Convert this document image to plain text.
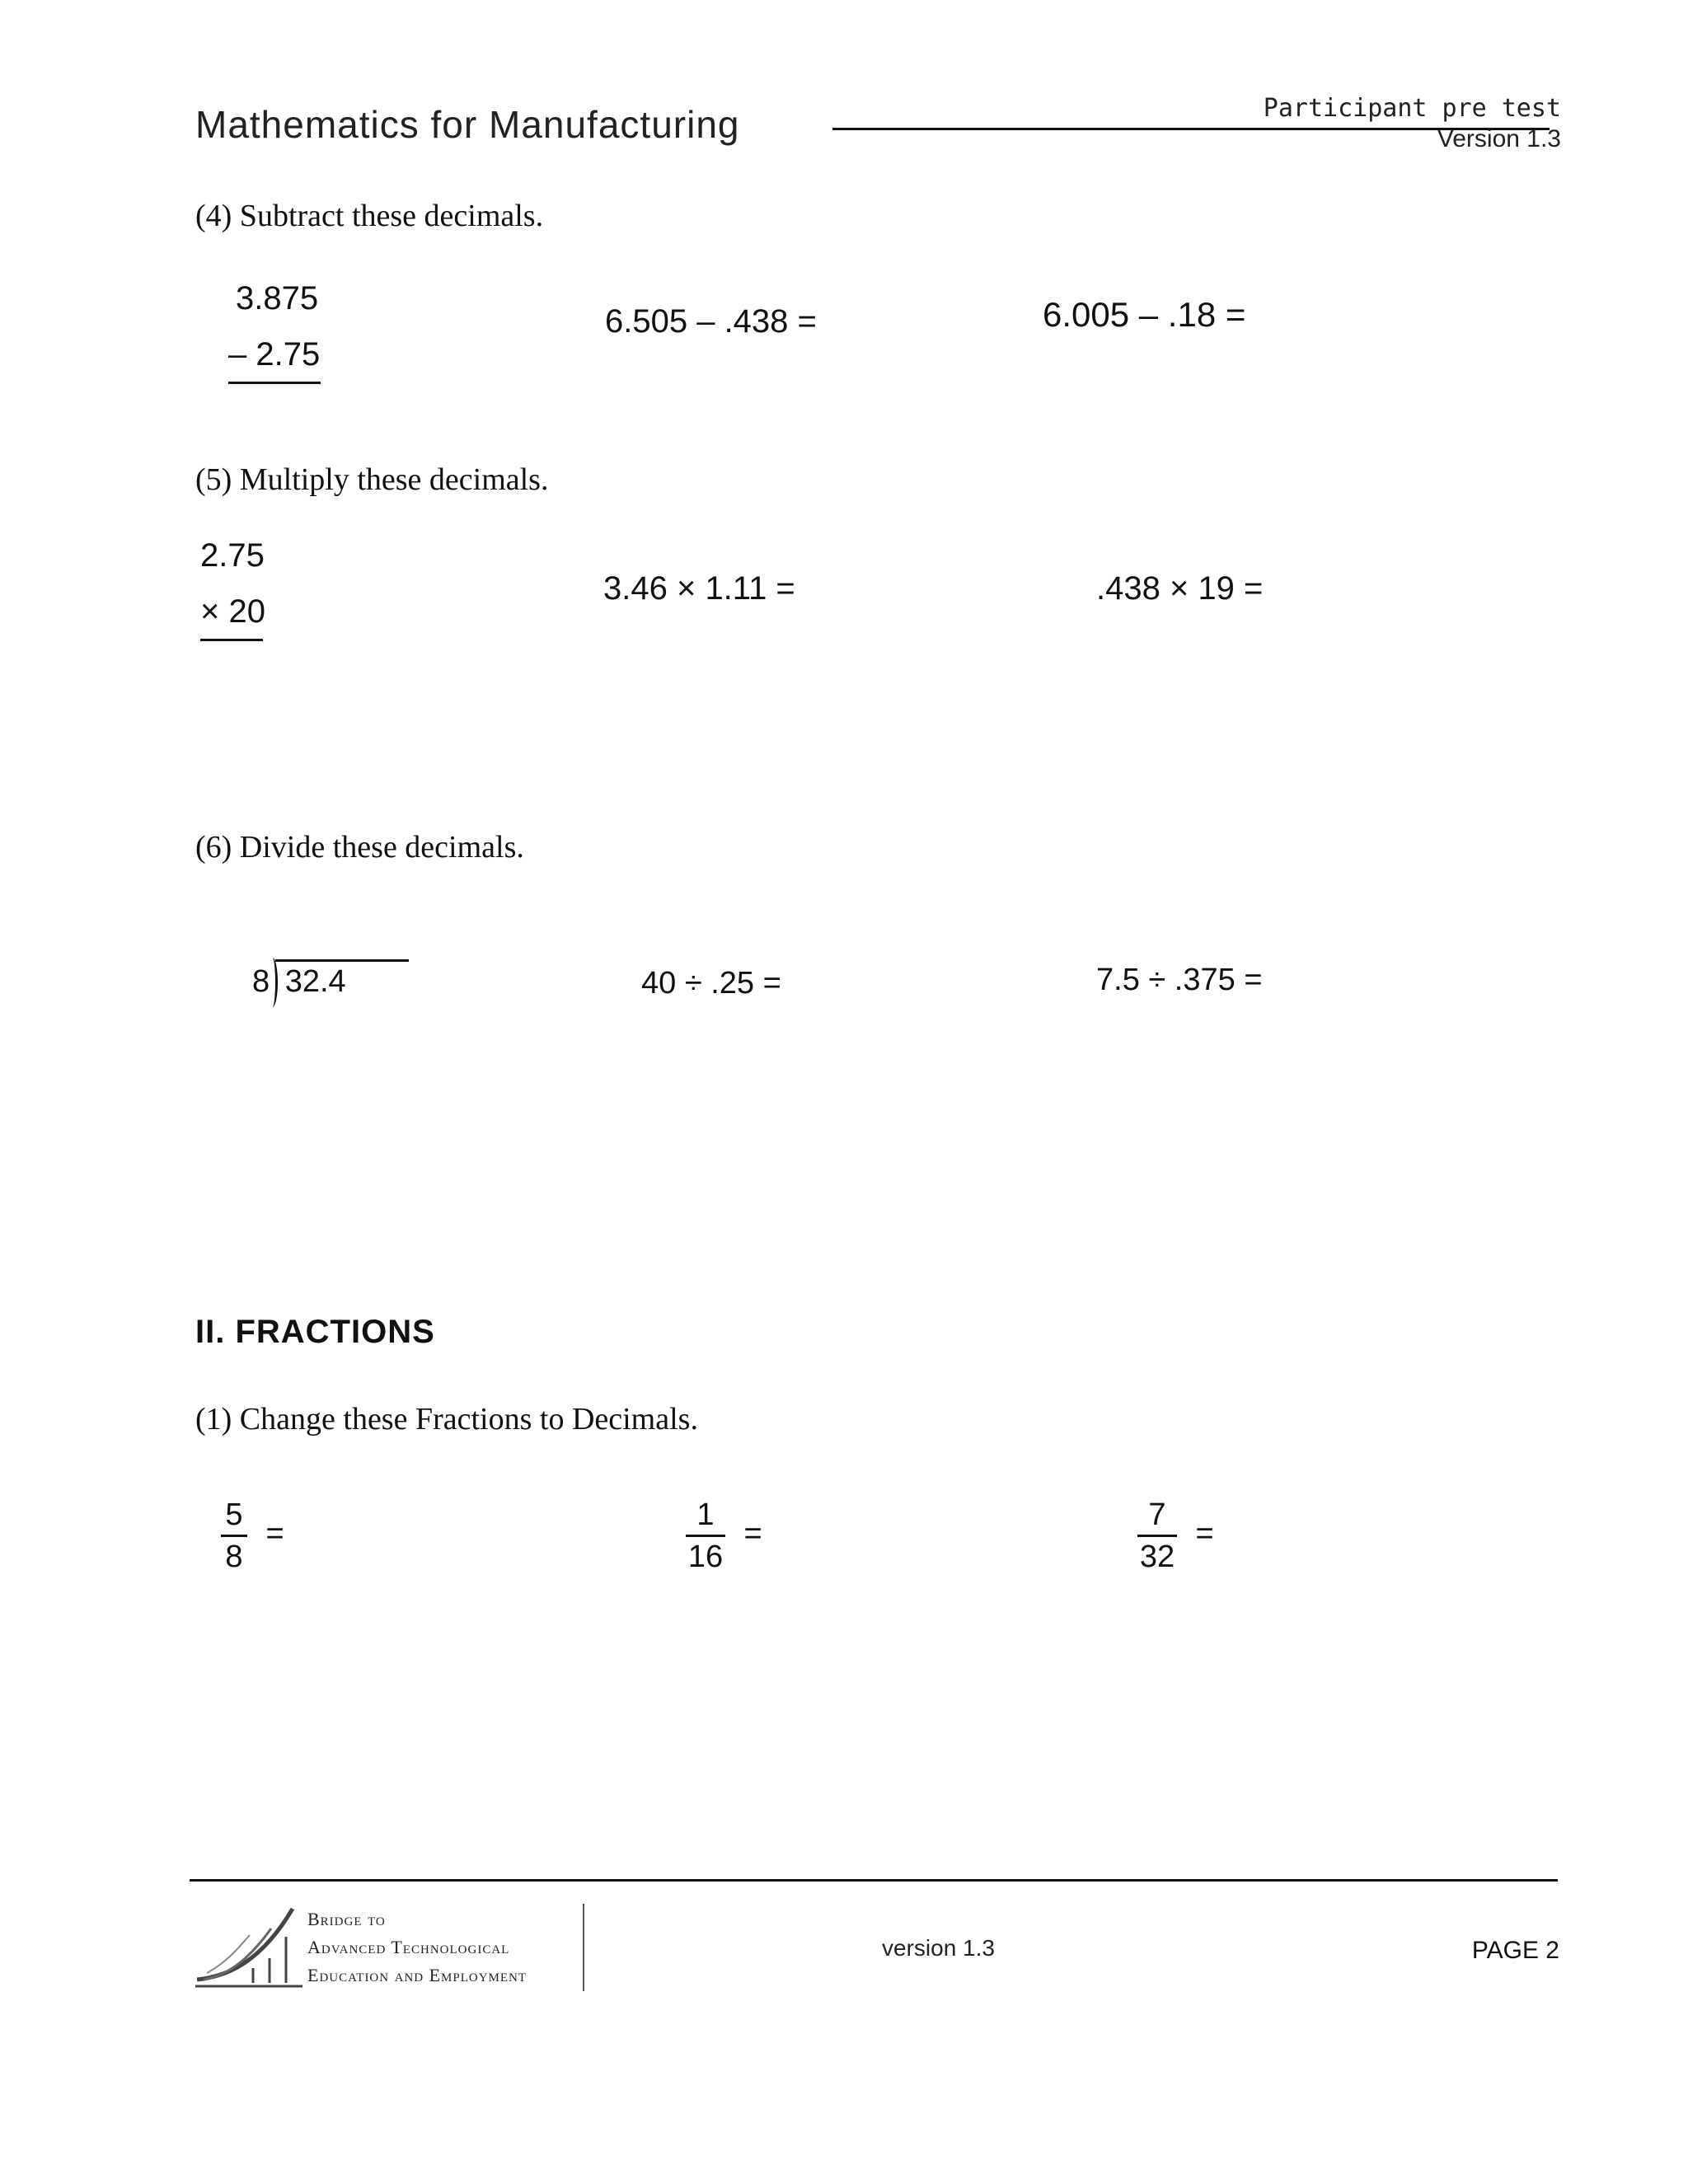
Mathematics for Manufacturing	Participant pre test
Version 1.3
(4) Subtract these decimals.
3.875
– 2.75
6.505 – .438 =	6.005 – .18 =
(5) Multiply these decimals.
2.75
× 20
3.46 × 1.11 =	.438 × 19 =
(6) Divide these decimals.
8 32.4	40 ÷ .25 =	7.5 ÷ .375 =
II. FRACTIONS
(1) Change these Fractions to Decimals.
$\frac{5}{8}$ =	$\frac{1}{16}$ =	$\frac{7}{32}$ =
Bridge to
Advanced Technological
Education and Employment
version 1.3	PAGE 2
